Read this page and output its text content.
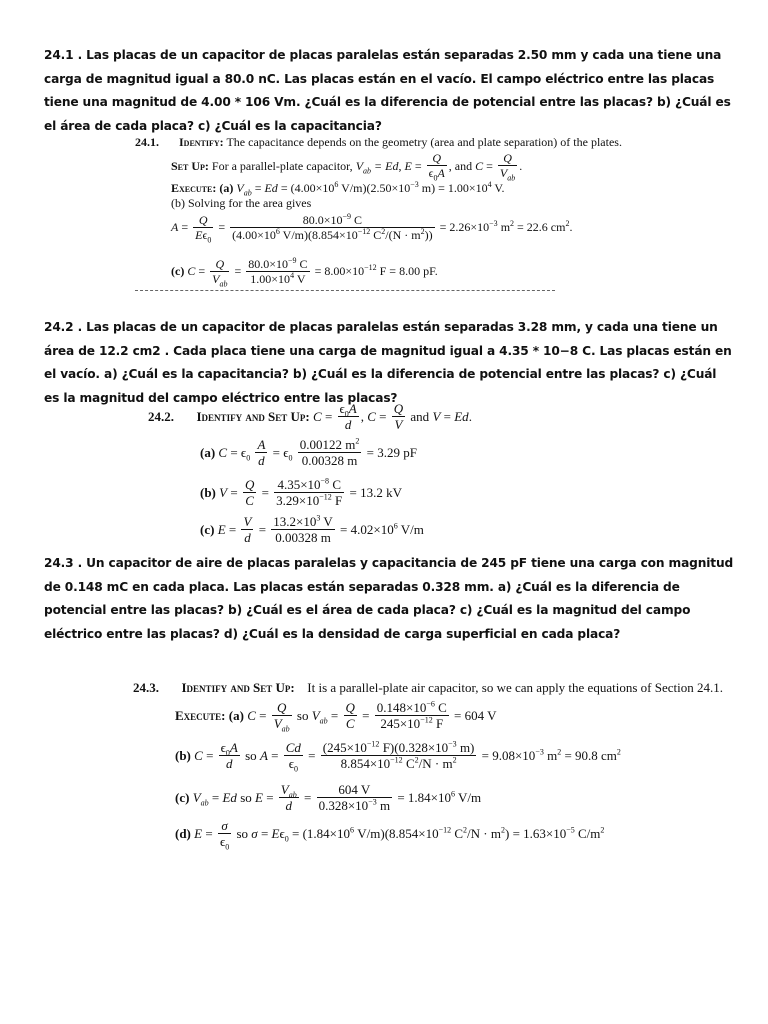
24.1 . Las placas de un capacitor de placas paralelas están separadas 2.50 mm y cada una tiene una carga de magnitud igual a 80.0 nC. Las placas están en el vacío. El campo eléctrico entre las placas tiene una magnitud de 4.00 * 106 Vm. ¿Cuál es la diferencia de potencial entre las placas? b) ¿Cuál es el área de cada placa? c) ¿Cuál es la capacitancia?
24.1. Identify: The capacitance depends on the geometry (area and plate separation) of the plates.
Set Up: For a parallel-plate capacitor, $V_{ab} = Ed$, $E = \frac{Q}{\epsilon_0A}$ , and $C = \frac{Q}{V_{ab}}$ .
Execute: (a) $V_{ab} = Ed = (4.00\times 10^6$ $V/m)(2.50\times 10^{-3}$ $m) = 1.00\times 10^4$ V.
(b) Solving for the area gives
$A = \frac{Q}{E\epsilon_0} = \frac{80.0\times 10^{-9} C}{(4.00\times 10^6 V/m)(8.854\times 10^{-12} C^2/(N \cdot m^2))} = 2.26\times 10^{-3}$ $m^2 = 22.6$ $cm^2$.
(c) $C = \frac{Q}{V_{ab}} = \frac{80.0\times 10^{-9} C}{1.00\times 10^4 V} = 8.00\times 10^{-12}$ F = 8.00 pF.
24.2 . Las placas de un capacitor de placas paralelas están separadas 3.28 mm, y cada una tiene un área de 12.2 cm2 . Cada placa tiene una carga de magnitud igual a 4.35 * 10−8 C. Las placas están en el vacío. a) ¿Cuál es la capacitancia? b) ¿Cuál es la diferencia de potencial entre las placas? c) ¿Cuál es la magnitud del campo eléctrico entre las placas?
24.2. Identify and Set Up: $C = \frac{\epsilon_0A}{d}$ , $C = \frac{Q}{V}$ and V = Ed.
(a) $C = \epsilon_0 \frac{A}{d} = \epsilon_0 \frac{0.00122 m^2}{0.00328 m} = 3.29$ pF
(b) $V = \frac{Q}{C} = \frac{4.35\times 10^{-8} C}{3.29\times 10^{-12} F} = 13.2$ kV
(c) $E = \frac{V}{d} = \frac{13.2\times 10^3 V}{0.00328 m} = 4.02\times 10^6$ V/m
24.3 . Un capacitor de aire de placas paralelas y capacitancia de 245 pF tiene una carga con magnitud de 0.148 mC en cada placa. Las placas están separadas 0.328 mm. a) ¿Cuál es la diferencia de potencial entre las placas? b) ¿Cuál es el área de cada placa? c) ¿Cuál es la magnitud del campo eléctrico entre las placas? d) ¿Cuál es la densidad de carga superficial en cada placa?
24.3. Identify and Set Up: It is a parallel-plate air capacitor, so we can apply the equations of Section 24.1.
Execute: (a) $C = \frac{Q}{V_{ab}}$ so $V_{ab} = \frac{Q}{C} = \frac{0.148\times 10^{-6} C}{245\times 10^{-12} F} = 604$ V
(b) $C = \frac{\epsilon_0A}{d}$ so $A = \frac{Cd}{\epsilon_0} = \frac{(245\times 10^{-12} F)(0.328\times 10^{-3} m)}{8.854\times 10^{-12} C^2/N \cdot m^2} = 9.08\times 10^{-3}$ $m^2 = 90.8$ $cm^2$
(c) $V_{ab} = Ed$ so $E = \frac{V_{ab}}{d} = \frac{604 V}{0.328\times 10^{-3} m} = 1.84\times 10^6$ V/m
(d) $E = \frac{\sigma}{\epsilon_0}$ so $\sigma = E\epsilon_0 = (1.84\times 10^6$ $V/m)(8.854\times 10^{-12}$ $C^2/N \cdot m^2) = 1.63\times 10^{-5}$ $C/m^2$
